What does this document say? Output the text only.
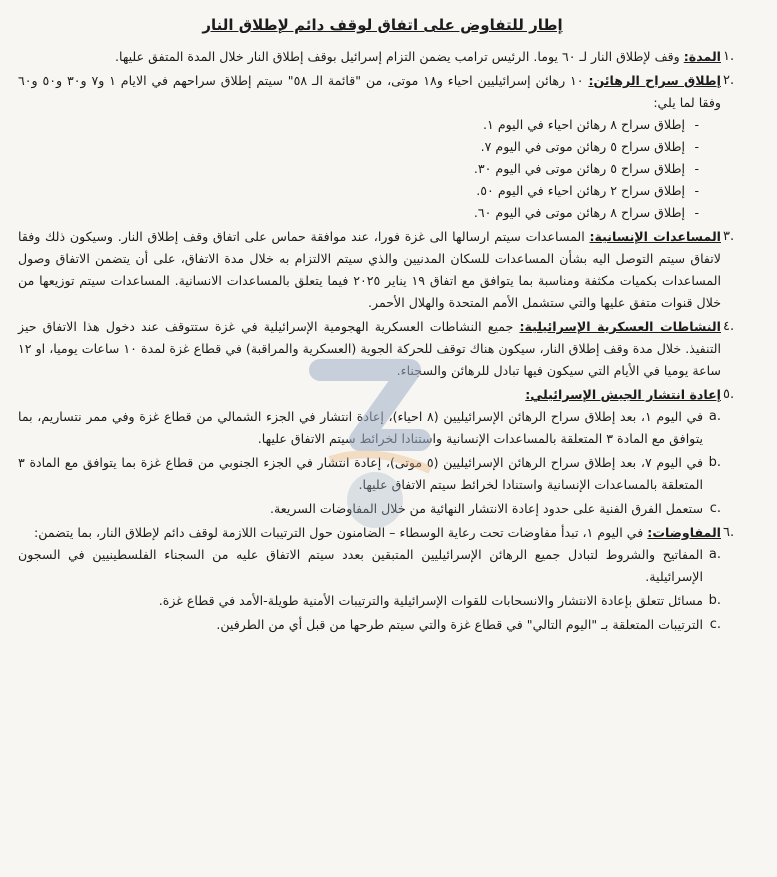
إطار للتفاوض على اتفاق لوقف دائم لإطلاق النار
١.

المدة: وقف لإطلاق النار لـ ٦٠ يوما. الرئيس ترامب يضمن التزام إسرائيل بوقف إطلاق النار خلال المدة المتفق عليها.

٢.

إطلاق سراح الرهائن: ١٠ رهائن إسرائيليين احياء و١٨ موتى، من "قائمة الـ ٥٨" سيتم إطلاق سراحهم في الايام ١ و٧ و٣٠ و٥٠ و٦٠ وفقا لما يلي:

- إطلاق سراح ٨ رهائن احياء في اليوم ١.
- إطلاق سراح ٥ رهائن موتى في اليوم ٧.
- إطلاق سراح ٥ رهائن موتى في اليوم ٣٠.
- إطلاق سراح ٢ رهائن احياء في اليوم ٥٠.
- إطلاق سراح ٨ رهائن موتى في اليوم ٦٠.
٣.

المساعدات الإنسانية: المساعدات سيتم ارسالها الى غزة فورا، عند موافقة حماس على اتفاق وقف إطلاق النار. وسيكون ذلك وفقا لاتفاق سيتم التوصل اليه بشأن المساعدات للسكان المدنيين والذي سيتم الالتزام به خلال مدة الاتفاق، على أن يتضمن الاتفاق وصول المساعدات بكميات مكثفة ومناسبة بما يتوافق مع اتفاق ١٩ يناير ٢٠٢٥ فيما يتعلق بالمساعدات الانسانية. المساعدات سيتم توزيعها من خلال قنوات متفق عليها والتي ستشمل الأمم المتحدة والهلال الأحمر.

٤.

النشاطات العسكرية الإسرائيلية: جميع النشاطات العسكرية الهجومية الإسرائيلية في غزة ستتوقف عند دخول هذا الاتفاق حيز التنفيذ. خلال مدة وقف إطلاق النار، سيكون هناك توقف للحركة الجوية (العسكرية والمراقبة) في قطاع غزة لمدة ١٠ ساعات يوميا، او ١٢ ساعة يوميا في الأيام التي سيكون فيها تبادل للرهائن والسجناء.

٥.

إعادة انتشار الجيش الإسرائيلي:

a.
في اليوم ١، بعد إطلاق سراح الرهائن الإسرائيليين (٨ احياء)، إعادة انتشار في الجزء الشمالي من قطاع غزة وفي ممر نتساريم، بما يتوافق مع المادة ٣ المتعلقة بالمساعدات الإنسانية واستنادا لخرائط سيتم الاتفاق عليها.
b.
في اليوم ٧، بعد إطلاق سراح الرهائن الإسرائيليين (٥ موتى)، إعادة انتشار في الجزء الجنوبي من قطاع غزة بما يتوافق مع المادة ٣ المتعلقة بالمساعدات الإنسانية واستنادا لخرائط سيتم الاتفاق عليها.
c.
ستعمل الفرق الفنية على حدود إعادة الانتشار النهائية من خلال المفاوضات السريعة.
٦.

المفاوضات: في اليوم ١، تبدأ مفاوضات تحت رعاية الوسطاء – الضامنون حول الترتيبات اللازمة لوقف دائم لإطلاق النار، بما يتضمن:

a.
المفاتيح والشروط لتبادل جميع الرهائن الإسرائيليين المتبقين بعدد سيتم الاتفاق عليه من السجناء الفلسطينيين في السجون الإسرائيلية.
b.
مسائل تتعلق بإعادة الانتشار والانسحابات للقوات الإسرائيلية والترتيبات الأمنية طويلة-الأمد في قطاع غزة.
c.
الترتيبات المتعلقة بـ "اليوم التالي" في قطاع غزة والتي سيتم طرحها من قبل أي من الطرفين.
